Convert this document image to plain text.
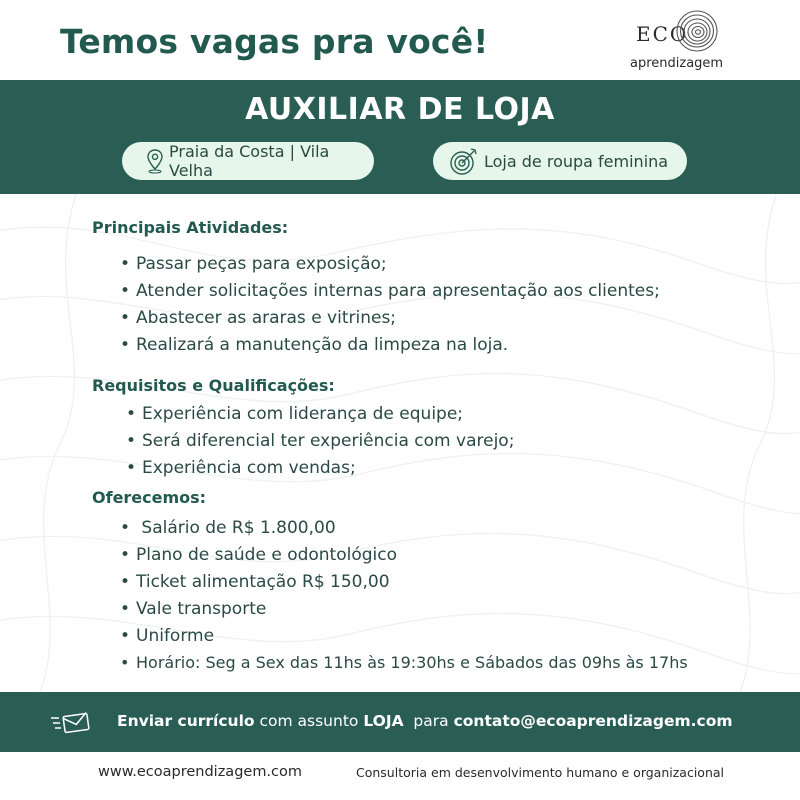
Temos vagas pra você!	ECO
aprendizagem
AUXILIAR DE LOJA
Praia da Costa | Vila Velha	Loja de roupa feminina
Principais Atividades:
• Passar peças para exposição;
• Atender solicitações internas para apresentação aos clientes;
• Abastecer as araras e vitrines;
• Realizará a manutenção da limpeza na loja.
Requisitos e Qualificações:
• Experiência com liderança de equipe;
• Será diferencial ter experiência com varejo;
• Experiência com vendas;
Oferecemos:
• Salário de R$ 1.800,00
• Plano de saúde e odontológico
• Ticket alimentação R$ 150,00
• Vale transporte
• Uniforme
• Horário: Seg a Sex das 11hs às 19:30hs e Sábados das 09hs às 17hs
Enviar currículo com assunto LOJA  para contato@ecoaprendizagem.com
www.ecoaprendizagem.com	Consultoria em desenvolvimento humano e organizacional
